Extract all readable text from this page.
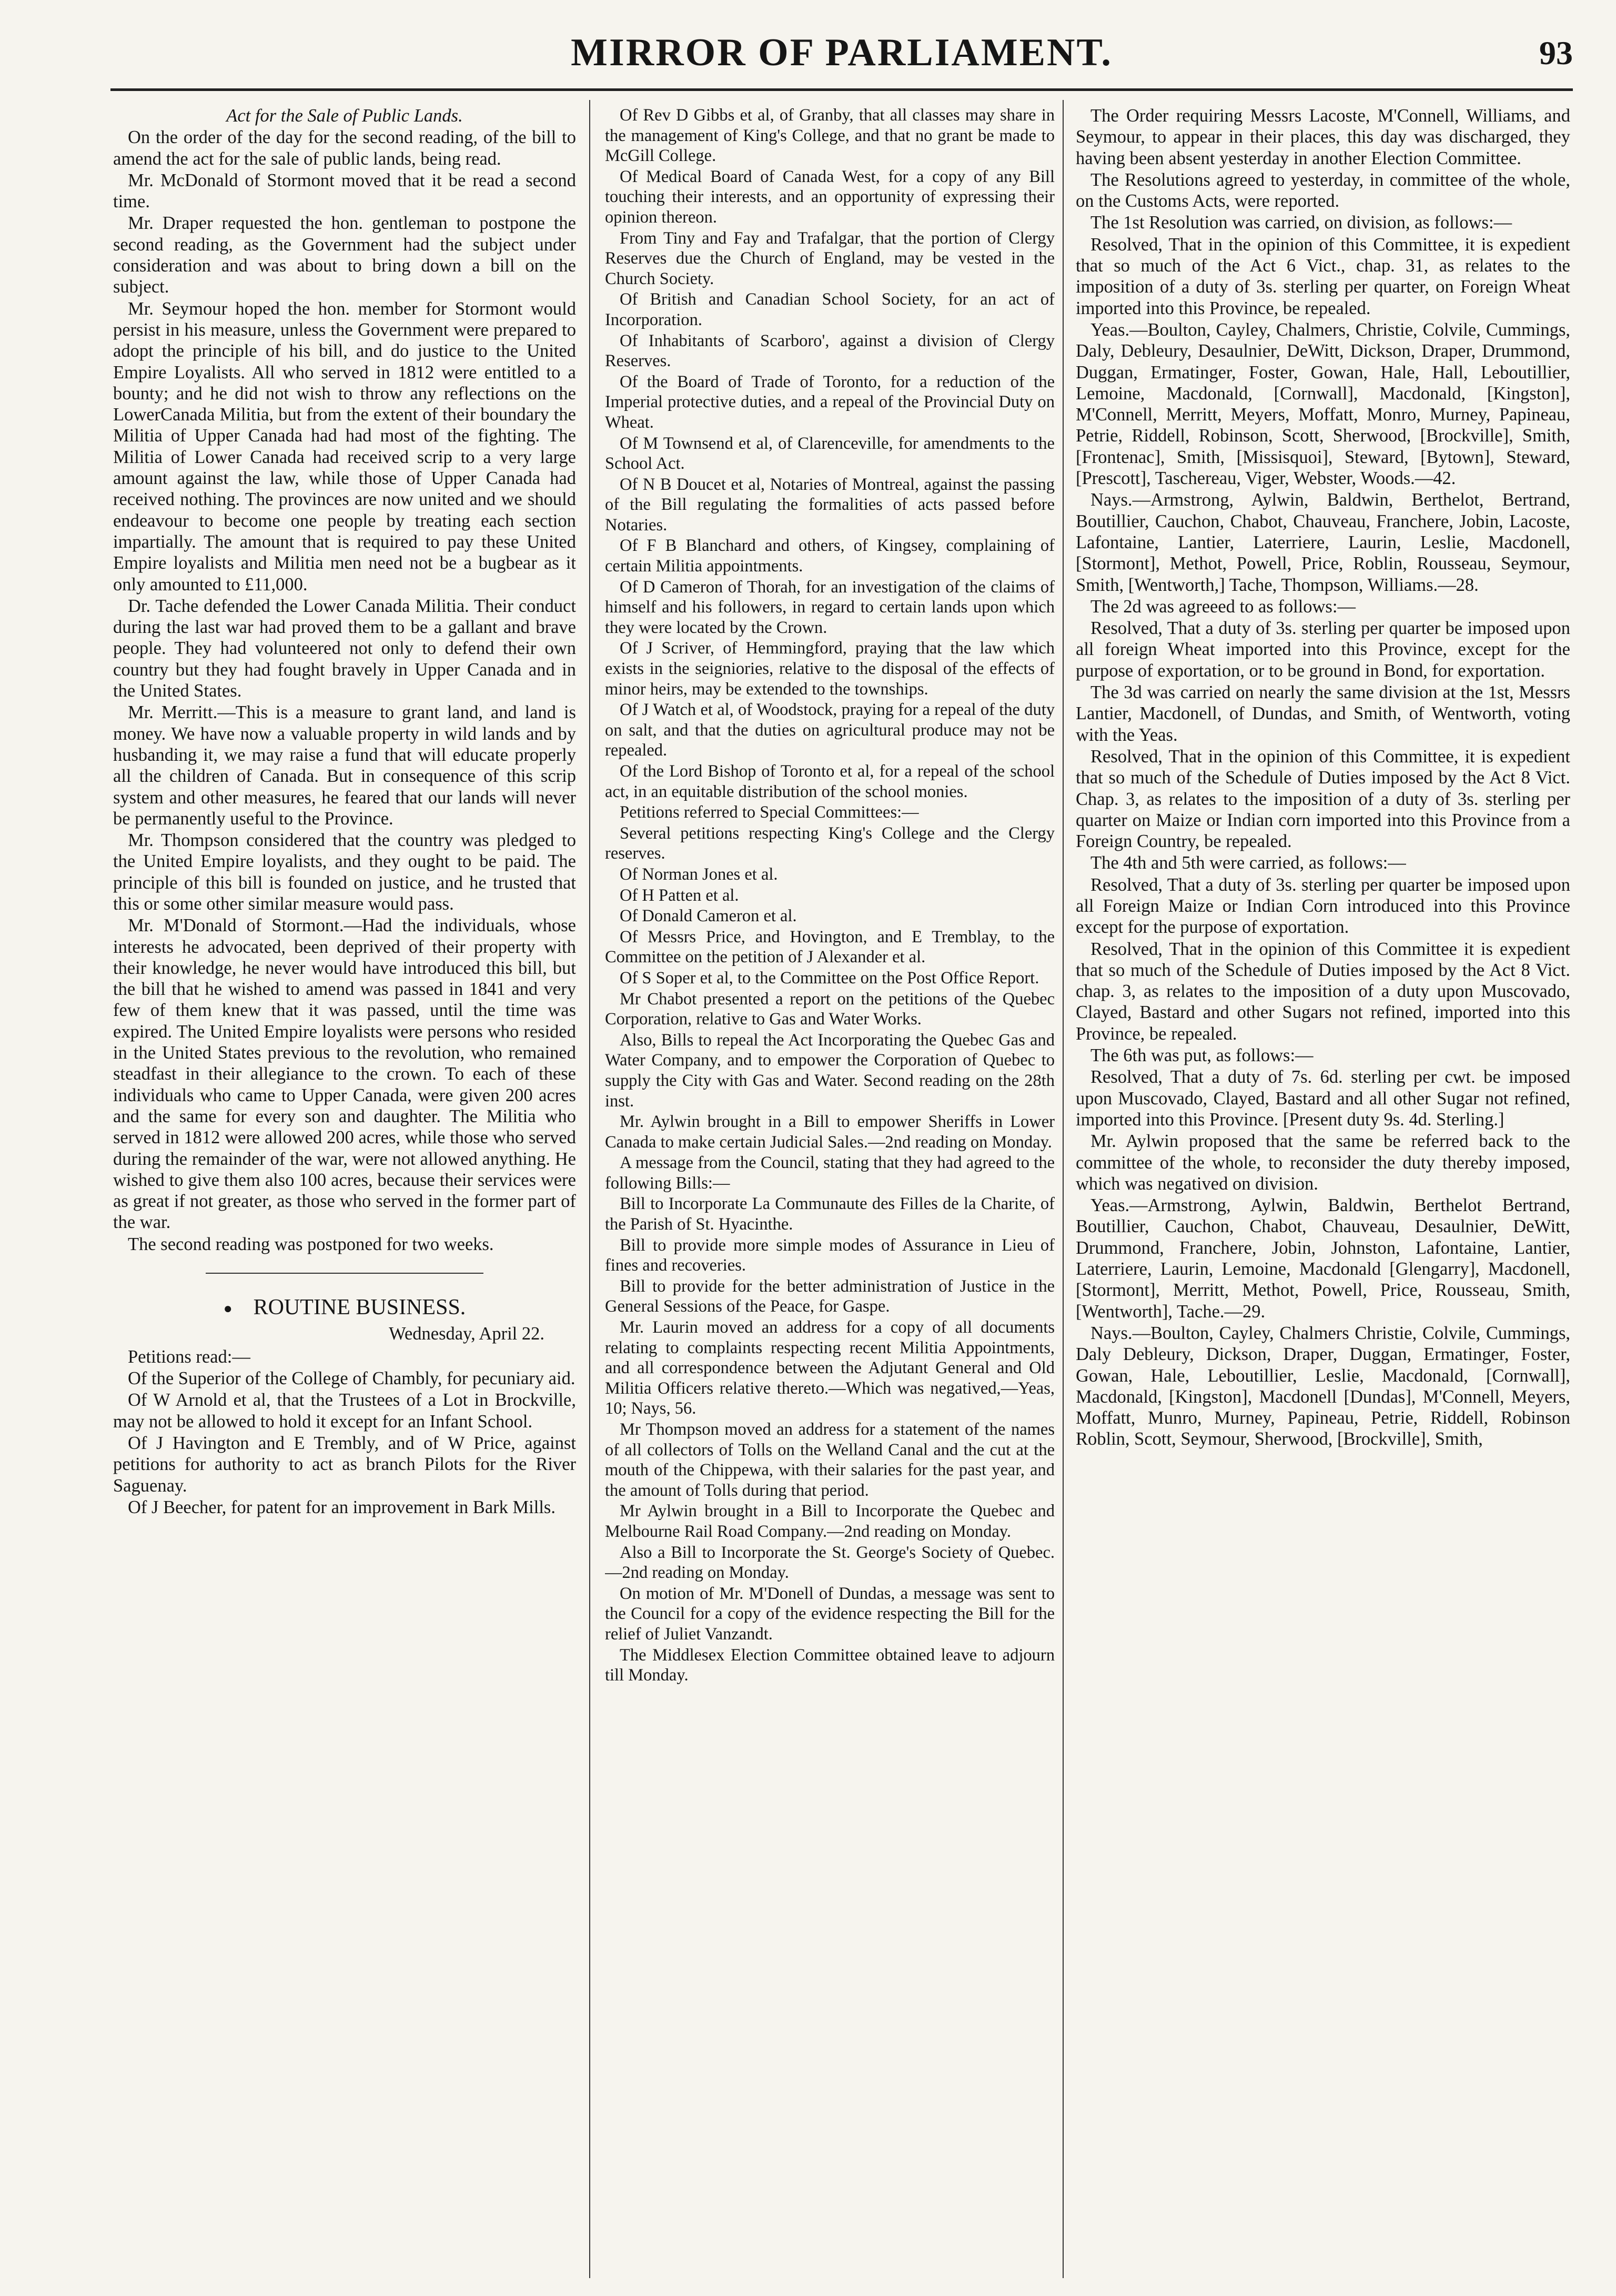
MIRROR OF PARLIAMENT.	93

Act for the Sale of Public Lands.

On the order of the day for the second reading, of the bill to amend the act for the sale of public lands, being read.

Mr. McDonald of Stormont moved that it be read a second time.

Mr. Draper requested the hon. gentleman to postpone the second reading, as the Government had the subject under consideration and was about to bring down a bill on the subject.

Mr. Seymour hoped the hon. member for Stormont would persist in his measure, unless the Government were prepared to adopt the principle of his bill, and do justice to the United Empire Loyalists. All who served in 1812 were entitled to a bounty; and he did not wish to throw any reflections on the LowerCanada Militia, but from the extent of their boundary the Militia of Upper Canada had had most of the fighting. The Militia of Lower Canada had received scrip to a very large amount against the law, while those of Upper Canada had received nothing. The provinces are now united and we should endeavour to become one people by treating each section impartially. The amount that is required to pay these United Empire loyalists and Militia men need not be a bugbear as it only amounted to £11,000.

Dr. Tache defended the Lower Canada Militia. Their conduct during the last war had proved them to be a gallant and brave people. They had volunteered not only to defend their own country but they had fought bravely in Upper Canada and in the United States.

Mr. Merritt.—This is a measure to grant land, and land is money. We have now a valuable property in wild lands and by husbanding it, we may raise a fund that will educate properly all the children of Canada. But in consequence of this scrip system and other measures, he feared that our lands will never be permanently useful to the Province.

Mr. Thompson considered that the country was pledged to the United Empire loyalists, and they ought to be paid. The principle of this bill is founded on justice, and he trusted that this or some other similar measure would pass.

Mr. M'Donald of Stormont.—Had the individuals, whose interests he advocated, been deprived of their property with their knowledge, he never would have introduced this bill, but the bill that he wished to amend was passed in 1841 and very few of them knew that it was passed, until the time was expired. The United Empire loyalists were persons who resided in the United States previous to the revolution, who remained steadfast in their allegiance to the crown. To each of these individuals who came to Upper Canada, were given 200 acres and the same for every son and daughter. The Militia who served in 1812 were allowed 200 acres, while those who served during the remainder of the war, were not allowed anything. He wished to give them also 100 acres, because their services were as great if not greater, as those who served in the former part of the war.

The second reading was postponed for two weeks.

● ROUTINE BUSINESS.

Wednesday, April 22.

Petitions read:—

Of the Superior of the College of Chambly, for pecuniary aid.

Of W Arnold et al, that the Trustees of a Lot in Brockville, may not be allowed to hold it except for an Infant School.

Of J Havington and E Trembly, and of W Price, against petitions for authority to act as branch Pilots for the River Saguenay.

Of J Beecher, for patent for an improvement in Bark Mills.

Of Rev D Gibbs et al, of Granby, that all classes may share in the management of King's College, and that no grant be made to McGill College.

Of Medical Board of Canada West, for a copy of any Bill touching their interests, and an opportunity of expressing their opinion thereon.

From Tiny and Fay and Trafalgar, that the portion of Clergy Reserves due the Church of England, may be vested in the Church Society.

Of British and Canadian School Society, for an act of Incorporation.

Of Inhabitants of Scarboro', against a division of Clergy Reserves.

Of the Board of Trade of Toronto, for a reduction of the Imperial protective duties, and a repeal of the Provincial Duty on Wheat.

Of M Townsend et al, of Clarenceville, for amendments to the School Act.

Of N B Doucet et al, Notaries of Montreal, against the passing of the Bill regulating the formalities of acts passed before Notaries.

Of F B Blanchard and others, of Kingsey, complaining of certain Militia appointments.

Of D Cameron of Thorah, for an investigation of the claims of himself and his followers, in regard to certain lands upon which they were located by the Crown.

Of J Scriver, of Hemmingford, praying that the law which exists in the seigniories, relative to the disposal of the effects of minor heirs, may be extended to the townships.

Of J Watch et al, of Woodstock, praying for a repeal of the duty on salt, and that the duties on agricultural produce may not be repealed.

Of the Lord Bishop of Toronto et al, for a repeal of the school act, in an equitable distribution of the school monies.

Petitions referred to Special Committees:—

Several petitions respecting King's College and the Clergy reserves.

Of Norman Jones et al.

Of H Patten et al.

Of Donald Cameron et al.

Of Messrs Price, and Hovington, and E Tremblay, to the Committee on the petition of J Alexander et al.

Of S Soper et al, to the Committee on the Post Office Report.

Mr Chabot presented a report on the petitions of the Quebec Corporation, relative to Gas and Water Works.

Also, Bills to repeal the Act Incorporating the Quebec Gas and Water Company, and to empower the Corporation of Quebec to supply the City with Gas and Water. Second reading on the 28th inst.

Mr. Aylwin brought in a Bill to empower Sheriffs in Lower Canada to make certain Judicial Sales.—2nd reading on Monday.

A message from the Council, stating that they had agreed to the following Bills:—

Bill to Incorporate La Communaute des Filles de la Charite, of the Parish of St. Hyacinthe.

Bill to provide more simple modes of Assurance in Lieu of fines and recoveries.

Bill to provide for the better administration of Justice in the General Sessions of the Peace, for Gaspe.

Mr. Laurin moved an address for a copy of all documents relating to complaints respecting recent Militia Appointments, and all correspondence between the Adjutant General and Old Militia Officers relative thereto.—Which was negatived,—Yeas, 10; Nays, 56.

Mr Thompson moved an address for a statement of the names of all collectors of Tolls on the Welland Canal and the cut at the mouth of the Chippewa, with their salaries for the past year, and the amount of Tolls during that period.

Mr Aylwin brought in a Bill to Incorporate the Quebec and Melbourne Rail Road Company.—2nd reading on Monday.

Also a Bill to Incorporate the St. George's Society of Quebec.—2nd reading on Monday.

On motion of Mr. M'Donell of Dundas, a message was sent to the Council for a copy of the evidence respecting the Bill for the relief of Juliet Vanzandt.

The Middlesex Election Committee obtained leave to adjourn till Monday.

The Order requiring Messrs Lacoste, M'Connell, Williams, and Seymour, to appear in their places, this day was discharged, they having been absent yesterday in another Election Committee.

The Resolutions agreed to yesterday, in committee of the whole, on the Customs Acts, were reported.

The 1st Resolution was carried, on division, as follows:—

Resolved, That in the opinion of this Committee, it is expedient that so much of the Act 6 Vict., chap. 31, as relates to the imposition of a duty of 3s. sterling per quarter, on Foreign Wheat imported into this Province, be repealed.

Yeas.—Boulton, Cayley, Chalmers, Christie, Colvile, Cummings, Daly, Debleury, Desaulnier, DeWitt, Dickson, Draper, Drummond, Duggan, Ermatinger, Foster, Gowan, Hale, Hall, Leboutillier, Lemoine, Macdonald, [Cornwall], Macdonald, [Kingston], M'Connell, Merritt, Meyers, Moffatt, Monro, Murney, Papineau, Petrie, Riddell, Robinson, Scott, Sherwood, [Brockville], Smith, [Frontenac], Smith, [Missisquoi], Steward, [Bytown], Steward, [Prescott], Taschereau, Viger, Webster, Woods.—42.

Nays.—Armstrong, Aylwin, Baldwin, Berthelot, Bertrand, Boutillier, Cauchon, Chabot, Chauveau, Franchere, Jobin, Lacoste, Lafontaine, Lantier, Laterriere, Laurin, Leslie, Macdonell, [Stormont], Methot, Powell, Price, Roblin, Rousseau, Seymour, Smith, [Wentworth,] Tache, Thompson, Williams.—28.

The 2d was agreeed to as follows:—

Resolved, That a duty of 3s. sterling per quarter be imposed upon all foreign Wheat imported into this Province, except for the purpose of exportation, or to be ground in Bond, for exportation.

The 3d was carried on nearly the same division at the 1st, Messrs Lantier, Macdonell, of Dundas, and Smith, of Wentworth, voting with the Yeas.

Resolved, That in the opinion of this Committee, it is expedient that so much of the Schedule of Duties imposed by the Act 8 Vict. Chap. 3, as relates to the imposition of a duty of 3s. sterling per quarter on Maize or Indian corn imported into this Province from a Foreign Country, be repealed.

The 4th and 5th were carried, as follows:—

Resolved, That a duty of 3s. sterling per quarter be imposed upon all Foreign Maize or Indian Corn introduced into this Province except for the purpose of exportation.

Resolved, That in the opinion of this Committee it is expedient that so much of the Schedule of Duties imposed by the Act 8 Vict. chap. 3, as relates to the imposition of a duty upon Muscovado, Clayed, Bastard and other Sugars not refined, imported into this Province, be repealed.

The 6th was put, as follows:—

Resolved, That a duty of 7s. 6d. sterling per cwt. be imposed upon Muscovado, Clayed, Bastard and all other Sugar not refined, imported into this Province. [Present duty 9s. 4d. Sterling.]

Mr. Aylwin proposed that the same be referred back to the committee of the whole, to reconsider the duty thereby imposed, which was negatived on division.

Yeas.—Armstrong, Aylwin, Baldwin, Berthelot Bertrand, Boutillier, Cauchon, Chabot, Chauveau, Desaulnier, DeWitt, Drummond, Franchere, Jobin, Johnston, Lafontaine, Lantier, Laterriere, Laurin, Lemoine, Macdonald [Glengarry], Macdonell, [Stormont], Merritt, Methot, Powell, Price, Rousseau, Smith, [Wentworth], Tache.—29.

Nays.—Boulton, Cayley, Chalmers Christie, Colvile, Cummings, Daly Debleury, Dickson, Draper, Duggan, Ermatinger, Foster, Gowan, Hale, Leboutillier, Leslie, Macdonald, [Cornwall], Macdonald, [Kingston], Macdonell [Dundas], M'Connell, Meyers, Moffatt, Munro, Murney, Papineau, Petrie, Riddell, Robinson Roblin, Scott, Seymour, Sherwood, [Brockville], Smith,
